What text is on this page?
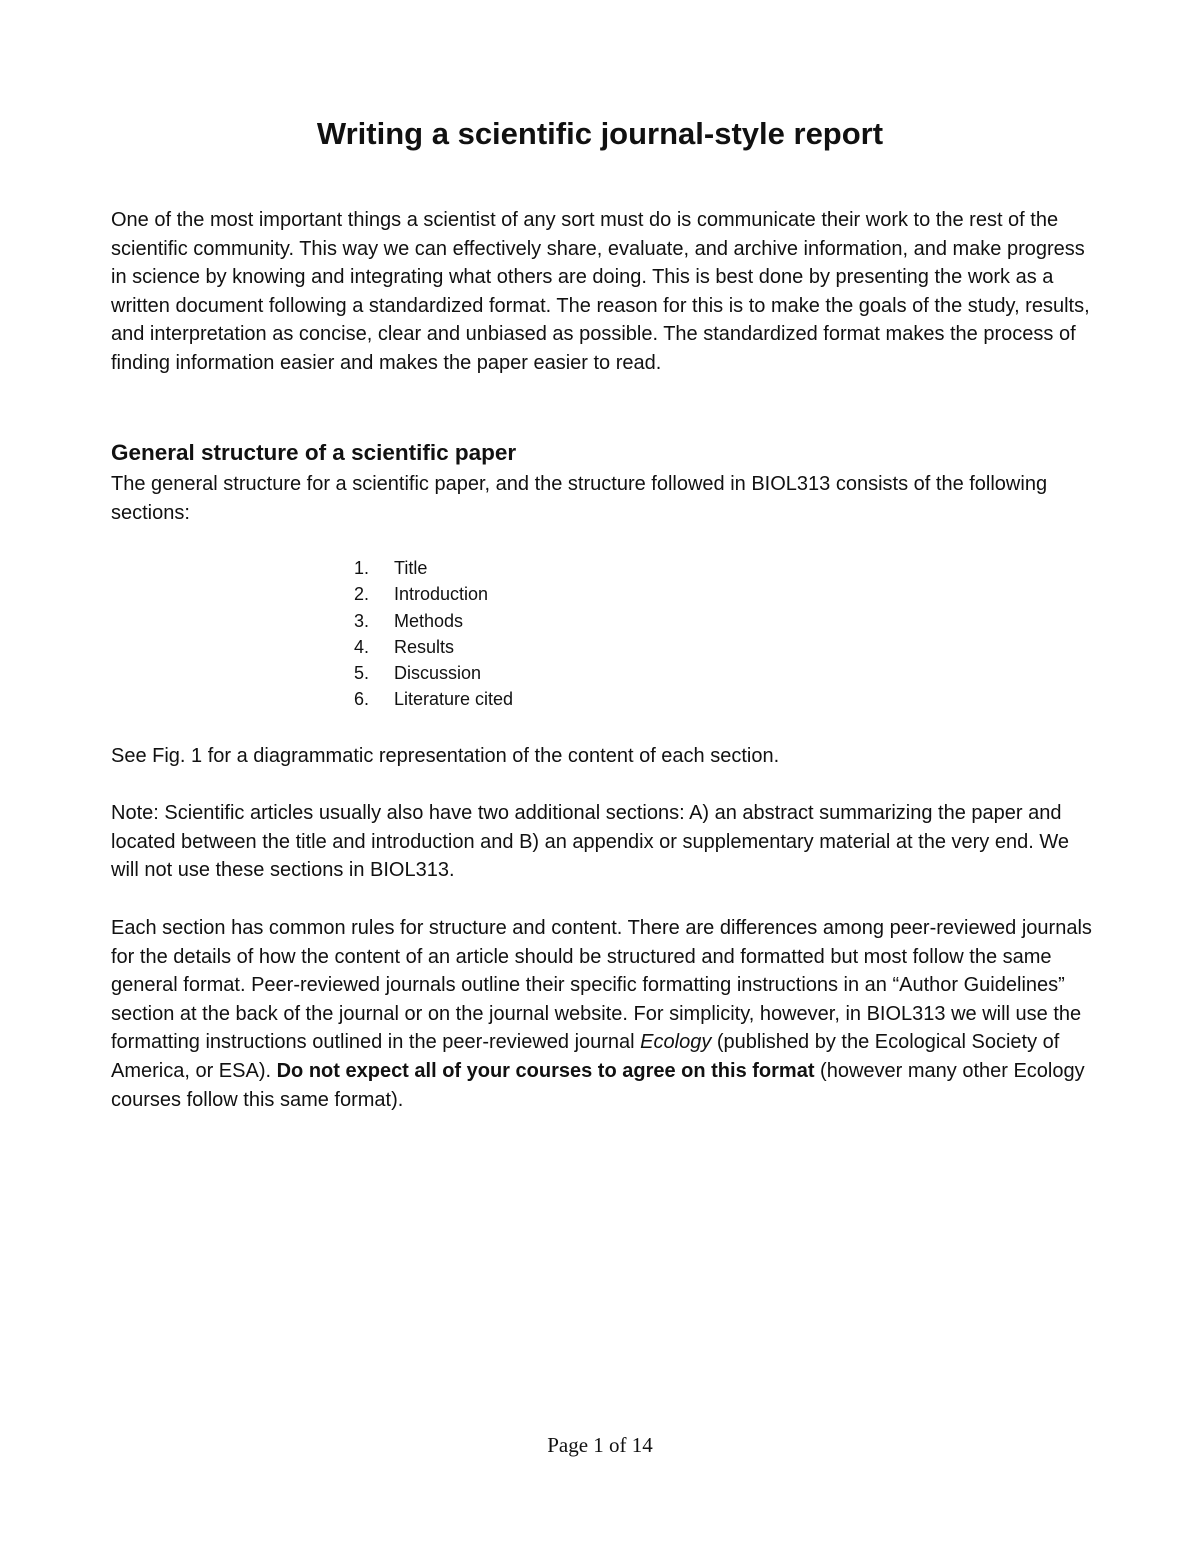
Writing a scientific journal-style report

One of the most important things a scientist of any sort must do is communicate their work to the rest of the scientific community. This way we can effectively share, evaluate, and archive information, and make progress in science by knowing and integrating what others are doing. This is best done by presenting the work as a written document following a standardized format. The reason for this is to make the goals of the study, results, and interpretation as concise, clear and unbiased as possible. The standardized format makes the process of finding information easier and makes the paper easier to read.

General structure of a scientific paper

The general structure for a scientific paper, and the structure followed in BIOL313 consists of the following sections:

1.	Title
2.	Introduction
3.	Methods
4.	Results
5.	Discussion
6.	Literature cited

See Fig. 1 for a diagrammatic representation of the content of each section.

Note: Scientific articles usually also have two additional sections: A) an abstract summarizing the paper and located between the title and introduction and B) an appendix or supplementary material at the very end. We will not use these sections in BIOL313.

Each section has common rules for structure and content. There are differences among peer-reviewed journals for the details of how the content of an article should be structured and formatted but most follow the same general format. Peer-reviewed journals outline their specific formatting instructions in an “Author Guidelines” section at the back of the journal or on the journal website. For simplicity, however, in BIOL313 we will use the formatting instructions outlined in the peer-reviewed journal Ecology (published by the Ecological Society of America, or ESA). Do not expect all of your courses to agree on this format (however many other Ecology courses follow this same format).

Page 1 of 14
